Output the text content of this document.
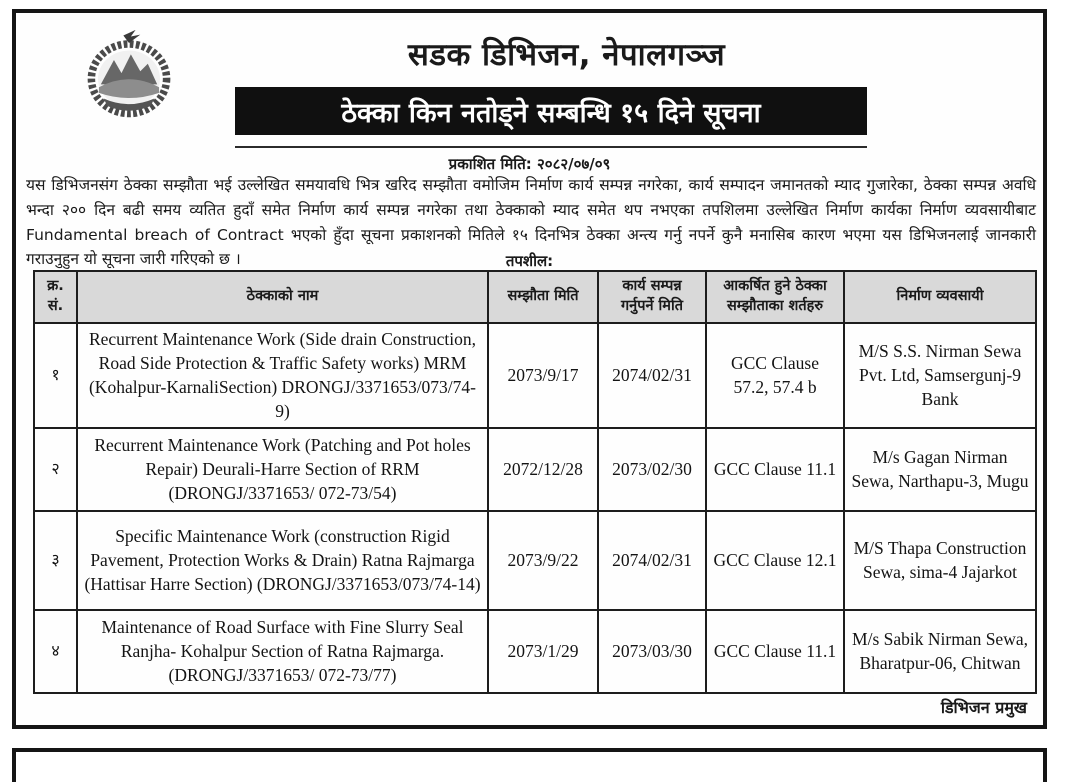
सडक डिभिजन, नेपालगञ्ज
ठेक्का किन नतोड्ने सम्बन्धि १५ दिने सूचना
प्रकाशित मिति: २०८२/०७/०९

यस डिभिजनसंग ठेक्का सम्झौता भई उल्लेखित समयावधि भित्र खरिद सम्झौता वमोजिम निर्माण कार्य सम्पन्न नगरेका, कार्य सम्पादन जमानतको म्याद गुजारेका, ठेक्का सम्पन्न अवधि भन्दा २०० दिन बढी समय व्यतित हुदाँ समेत निर्माण कार्य सम्पन्न नगरेका तथा ठेक्काको म्याद समेत थप नभएका तपशिलमा उल्लेखित निर्माण कार्यका निर्माण व्यवसायीबाट Fundamental breach of Contract भएको हुँदा सूचना प्रकाशनको मितिले १५ दिनभित्र ठेक्का अन्त्य गर्नु नपर्ने कुनै मनासिब कारण भएमा यस डिभिजनलाई जानकारी गराउनुहुन यो सूचना जारी गरिएको छ ।	तपशील:
क्र. सं.	ठेक्काको नाम	सम्झौता मिति	कार्य सम्पन्न गर्नुपर्ने मिति	आकर्षित हुने ठेक्का सम्झौताका शर्तहरु	निर्माण व्यवसायी
१	Recurrent Maintenance Work (Side drain Construction, Road Side Protection & Traffic Safety works) MRM (Kohalpur-KarnaliSection) DRONGJ/3371653/073/74-9)	2073/9/17	2074/02/31	GCC Clause 57.2, 57.4 b	M/S S.S. Nirman Sewa Pvt. Ltd, Samsergunj-9 Bank
२	Recurrent Maintenance Work (Patching and Pot holes Repair) Deurali-Harre Section of RRM (DRONGJ/3371653/ 072-73/54)	2072/12/28	2073/02/30	GCC Clause 11.1	M/s Gagan Nirman Sewa, Narthapu-3, Mugu
३	Specific Maintenance Work (construction Rigid Pavement, Protection Works & Drain) Ratna Rajmarga (Hattisar Harre Section) (DRONGJ/3371653/073/74-14)	2073/9/22	2074/02/31	GCC Clause 12.1	M/S Thapa Construction Sewa, sima-4 Jajarkot
४	Maintenance of Road Surface with Fine Slurry Seal Ranjha- Kohalpur Section of Ratna Rajmarga. (DRONGJ/3371653/ 072-73/77)	2073/1/29	2073/03/30	GCC Clause 11.1	M/s Sabik Nirman Sewa, Bharatpur-06, Chitwan
डिभिजन प्रमुख
